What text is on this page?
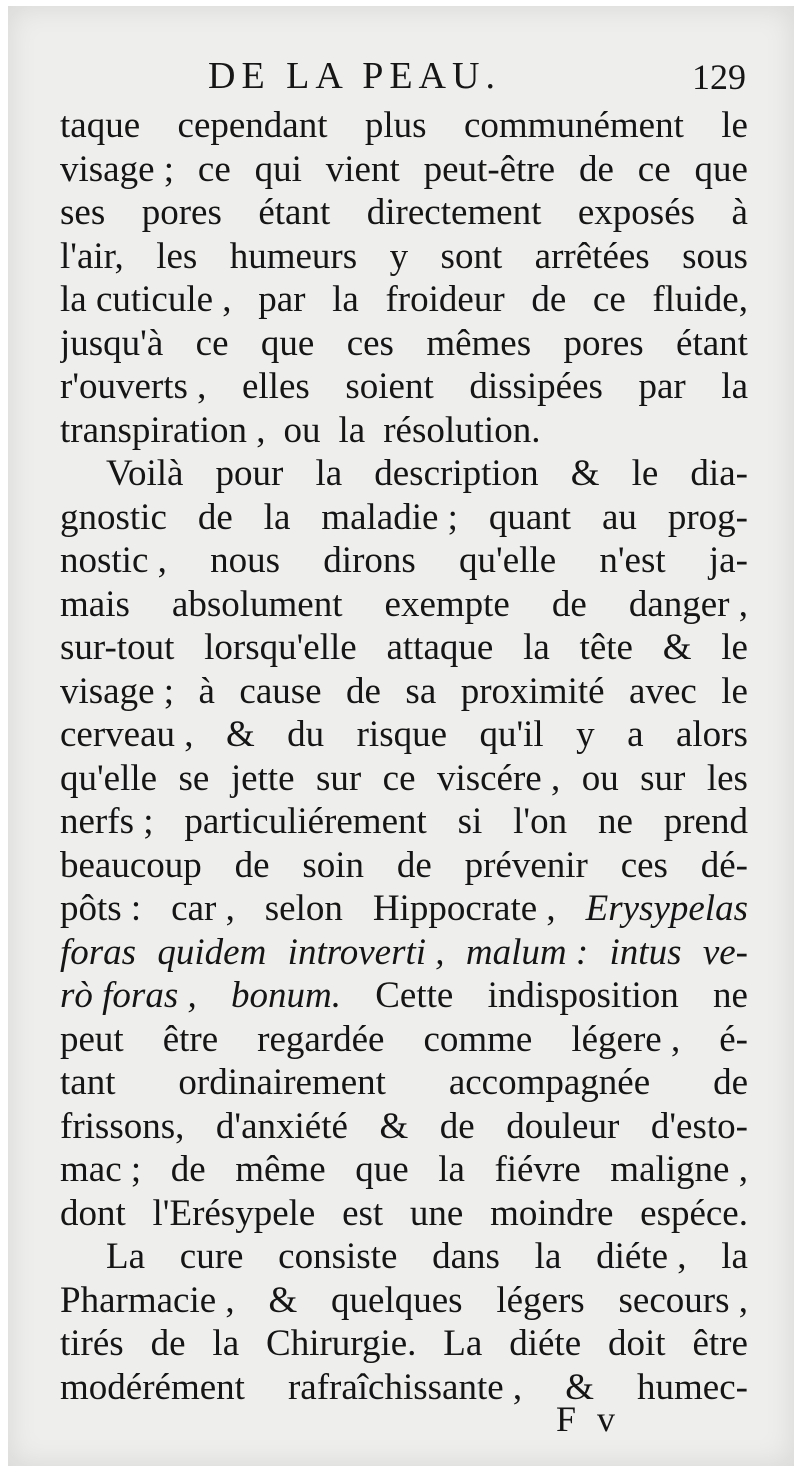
DE LA PEAU.	129
taque cependant plus communément le
visage ; ce qui vient peut-être de ce que
ses pores étant directement exposés à
l'air, les humeurs y sont arrêtées sous
la cuticule , par la froideur de ce fluide,
jusqu'à ce que ces mêmes pores étant
r'ouverts , elles soient dissipées par la
transpiration , ou la résolution.
Voilà pour la description & le dia-
gnostic de la maladie ; quant au prog-
nostic , nous dirons qu'elle n'est ja-
mais absolument exempte de danger ,
sur-tout lorsqu'elle attaque la tête & le
visage ; à cause de sa proximité avec le
cerveau , & du risque qu'il y a alors
qu'elle se jette sur ce viscére , ou sur les
nerfs ; particuliérement si l'on ne prend
beaucoup de soin de prévenir ces dé-
pôts : car , selon Hippocrate , Erysypelas
foras quidem introverti , malum : intus ve-
rò foras , bonum. Cette indisposition ne
peut être regardée comme légere , é-
tant ordinairement accompagnée de
frissons, d'anxiété & de douleur d'esto-
mac ; de même que la fiévre maligne ,
dont l'Erésypele est une moindre espéce.
La cure consiste dans la diéte , la
Pharmacie , & quelques légers secours ,
tirés de la Chirurgie. La diéte doit être
modérément rafraîchissante , & humec-
F v
